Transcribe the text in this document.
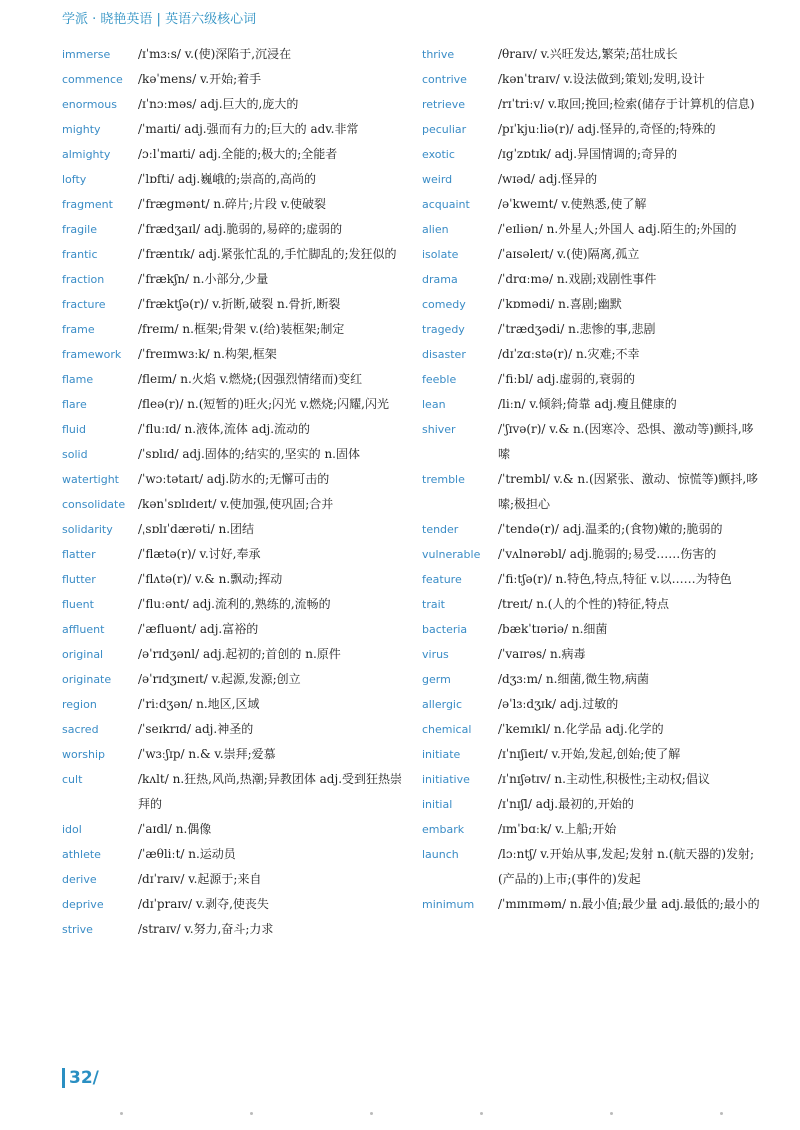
学派 · 晓艳英语 | 英语六级核心词
immerse	/ɪˈmɜːs/ v.(使)深陷于,沉浸在
commence	/kəˈmens/ v.开始;着手
enormous	/ɪˈnɔːməs/ adj.巨大的,庞大的
mighty	/ˈmaɪti/ adj.强而有力的;巨大的 adv.非常
almighty	/ɔːlˈmaɪti/ adj.全能的;极大的;全能者
lofty	/ˈlɒfti/ adj.巍峨的;崇高的,高尚的
fragment	/ˈfrægmənt/ n.碎片;片段 v.使破裂
fragile	/ˈfrædʒaɪl/ adj.脆弱的,易碎的;虚弱的
frantic	/ˈfræntɪk/ adj.紧张忙乱的,手忙脚乱的;发狂似的
fraction	/ˈfrækʃn/ n.小部分,少量
fracture	/ˈfræktʃə(r)/ v.折断,破裂 n.骨折,断裂
frame	/freɪm/ n.框架;骨架 v.(给)装框架;制定
framework	/ˈfreɪmwɜːk/ n.构架,框架
flame	/fleɪm/ n.火焰 v.燃烧;(因强烈情绪而)变红
flare	/fleə(r)/ n.(短暂的)旺火;闪光 v.燃烧;闪耀,闪光
fluid	/ˈfluːɪd/ n.液体,流体 adj.流动的
solid	/ˈsɒlɪd/ adj.固体的;结实的,坚实的 n.固体
watertight	/ˈwɔːtətaɪt/ adj.防水的;无懈可击的
consolidate	/kənˈsɒlɪdeɪt/ v.使加强,使巩固;合并
solidarity	/ˌsɒlɪˈdærəti/ n.团结
flatter	/ˈflætə(r)/ v.讨好,奉承
flutter	/ˈflʌtə(r)/ v.& n.飘动;挥动
fluent	/ˈfluːənt/ adj.流利的,熟练的,流畅的
affluent	/ˈæfluənt/ adj.富裕的
original	/əˈrɪdʒənl/ adj.起初的;首创的 n.原件
originate	/əˈrɪdʒɪneɪt/ v.起源,发源;创立
region	/ˈriːdʒən/ n.地区,区域
sacred	/ˈseɪkrɪd/ adj.神圣的
worship	/ˈwɜːʃɪp/ n.& v.崇拜;爱慕
cult	/kʌlt/ n.狂热,风尚,热潮;异教团体 adj.受到狂热崇拜的
idol	/ˈaɪdl/ n.偶像
athlete	/ˈæθliːt/ n.运动员
derive	/dɪˈraɪv/ v.起源于;来自
deprive	/dɪˈpraɪv/ v.剥夺,使丧失
strive	/straɪv/ v.努力,奋斗;力求
thrive	/θraɪv/ v.兴旺发达,繁荣;茁壮成长
contrive	/kənˈtraɪv/ v.设法做到;策划;发明,设计
retrieve	/rɪˈtriːv/ v.取回;挽回;检索(储存于计算机的信息)
peculiar	/pɪˈkjuːliə(r)/ adj.怪异的,奇怪的;特殊的
exotic	/ɪgˈzɒtɪk/ adj.异国情调的;奇异的
weird	/wɪəd/ adj.怪异的
acquaint	/əˈkweɪnt/ v.使熟悉,使了解
alien	/ˈeɪliən/ n.外星人;外国人 adj.陌生的;外国的
isolate	/ˈaɪsəleɪt/ v.(使)隔离,孤立
drama	/ˈdrɑːmə/ n.戏剧;戏剧性事件
comedy	/ˈkɒmədi/ n.喜剧;幽默
tragedy	/ˈtrædʒədi/ n.悲惨的事,悲剧
disaster	/dɪˈzɑːstə(r)/ n.灾难;不幸
feeble	/ˈfiːbl/ adj.虚弱的,衰弱的
lean	/liːn/ v.倾斜;倚靠 adj.瘦且健康的
shiver	/ˈʃɪvə(r)/ v.& n.(因寒冷、恐惧、激动等)颤抖,哆嗦
tremble	/ˈtrembl/ v.& n.(因紧张、激动、惊慌等)颤抖,哆嗦;极担心
tender	/ˈtendə(r)/ adj.温柔的;(食物)嫩的;脆弱的
vulnerable	/ˈvʌlnərəbl/ adj.脆弱的;易受……伤害的
feature	/ˈfiːtʃə(r)/ n.特色,特点,特征 v.以……为特色
trait	/treɪt/ n.(人的个性的)特征,特点
bacteria	/bækˈtɪəriə/ n.细菌
virus	/ˈvaɪrəs/ n.病毒
germ	/dʒɜːm/ n.细菌,微生物,病菌
allergic	/əˈlɜːdʒɪk/ adj.过敏的
chemical	/ˈkemɪkl/ n.化学品 adj.化学的
initiate	/ɪˈnɪʃieɪt/ v.开始,发起,创始;使了解
initiative	/ɪˈnɪʃətɪv/ n.主动性,积极性;主动权;倡议
initial	/ɪˈnɪʃl/ adj.最初的,开始的
embark	/ɪmˈbɑːk/ v.上船;开始
launch	/lɔːntʃ/ v.开始从事,发起;发射 n.(航天器的)发射;(产品的)上市;(事件的)发起
minimum	/ˈmɪnɪməm/ n.最小值;最少量 adj.最低的;最小的
32/
